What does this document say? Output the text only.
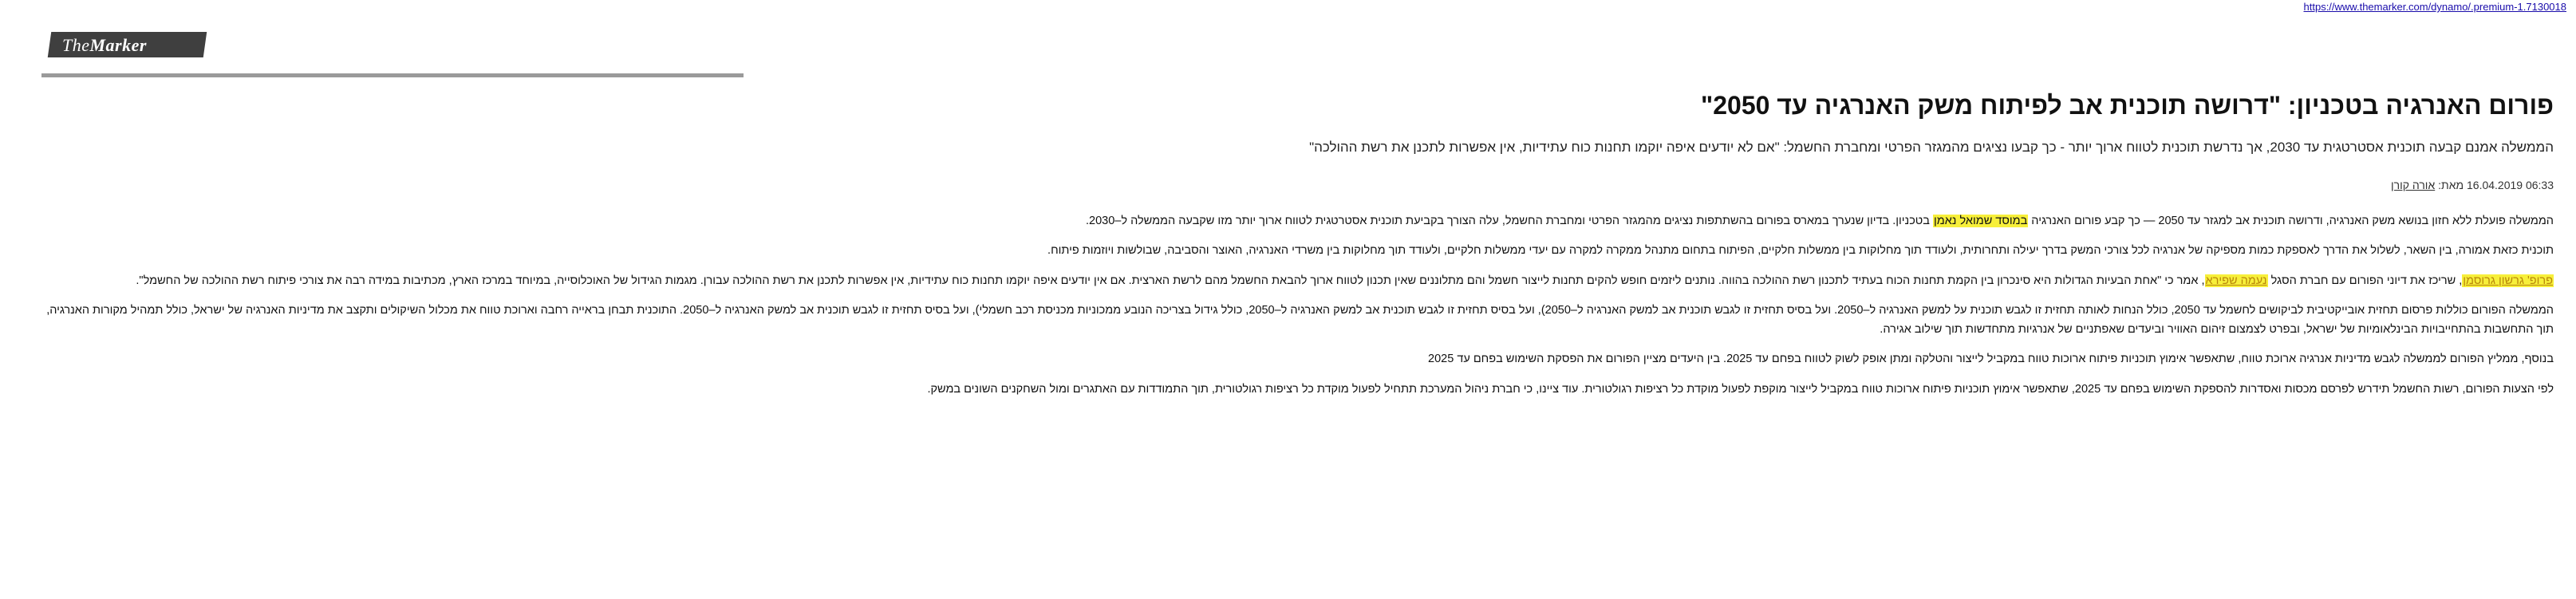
https://www.themarker.com/dynamo/.premium-1.7130018
TheMarker
פורום האנרגיה בטכניון: "דרושה תוכנית אב לפיתוח משק האנרגיה עד 2050"
הממשלה אמנם קבעה תוכנית אסטרטגית עד 2030, אך נדרשת תוכנית לטווח ארוך יותר - כך קבעו נציגים מהמגזר הפרטי ומחברת החשמל: "אם לא יודעים איפה יוקמו תחנות כוח עתידיות, אין אפשרות לתכנן את רשת ההולכה"
16.04.2019 06:33 מאת: אורה קורן

הממשלה פועלת ללא חזון בנושא משק האנרגיה, ודרושה תוכנית אב למגזר עד 2050 — כך קבע פורום האנרגיה במוסד שמואל נאמן בטכניון. בדיון שנערך במארס בפורום בהשתתפות נציגים מהמגזר הפרטי ומחברת החשמל, עלה הצורך בקביעת תוכנית אסטרטגית לטווח ארוך יותר מזו שקבעה הממשלה ל–2030.

תוכנית כזאת אמורה, בין השאר, לשלול את הדרך לאספקת כמות מספיקה של אנרגיה לכל צורכי המשק בדרך יעילה ותחרותית, ולעודד תוך מחלוקות בין ממשלות חלקיים, הפיתוח בתחום מתנהל ממקרה למקרה עם יעדי ממשלות חלקיים, ולעודד תוך מחלוקות בין משרדי האנרגיה, האוצר והסביבה, שבולשות ויוזמות פיתוח.

פרופ' גרשון גרוסמן, שריכז את דיוני הפורום עם חברת הסגל נעמה שפירא, אמר כי "אחת הבעיות הגדולות היא סינכרון בין הקמת תחנות הכוח בעתיד לתכנון רשת ההולכה בהווה. נותנים ליזמים חופש להקים תחנות לייצור חשמל והם מתלוננים שאין תכנון לטווח ארוך להבאת החשמל מהם לרשת הארצית. אם אין יודעים איפה יוקמו תחנות כוח עתידיות, אין אפשרות לתכנן את רשת ההולכה עבורן. מגמות הגידול של האוכלוסייה, במיוחד במרכז הארץ, מכתיבות במידה רבה את צורכי פיתוח רשת ההולכה של החשמל".

הממשלה הפורום כוללות פרסום תחזית אובייקטיבית לביקושים לחשמל עד 2050, כולל הנחות לאותה תחזית זו לגבש תוכנית על למשק האנרגיה ל–2050. ועל בסיס תחזית זו לגבש תוכנית אב למשק האנרגיה ל–2050), ועל בסיס תחזית זו לגבש תוכנית אב למשק האנרגיה ל–2050, כולל גידול בצריכה הנובע ממכוניות מכניסת רכב חשמלי), ועל בסיס תחזית זו לגבש תוכנית אב למשק האנרגיה ל–2050. התוכנית תבחן בראייה רחבה וארוכת טווח את מכלול השיקולים ותקצב את מדיניות האנרגיה של ישראל, כולל תמהיל מקורות האנרגיה, תוך התחשבות בהתחייבויות הבינלאומיות של ישראל, ובפרט לצמצום זיהום האוויר וביעדים שאפתניים של אנרגיות מתחדשות תוך שילוב אגירה.

בנוסף, ממליץ הפורום לממשלה לגבש מדיניות אנרגיה ארוכת טווח, שתאפשר אימוץ תוכניות פיתוח ארוכות טווח במקביל לייצור והטלקה ומתן אופק לשוק לטווח בפחם עד 2025. בין היעדים מציין הפורום את הפסקת השימוש בפחם עד 2025

לפי הצעות הפורום, רשות החשמל תידרש לפרסם מכסות ואסדרות להספקת השימוש בפחם עד 2025, שתאפשר אימוץ תוכניות פיתוח ארוכות טווח במקביל לייצור מוקפת לפעול מוקדת כל רציפות רגולטורית. עוד ציינו, כי חברת ניהול המערכת תתחיל לפעול מוקדת כל רציפות רגולטורית, תוך התמודדות עם האתגרים ומול השחקנים השונים במשק.
